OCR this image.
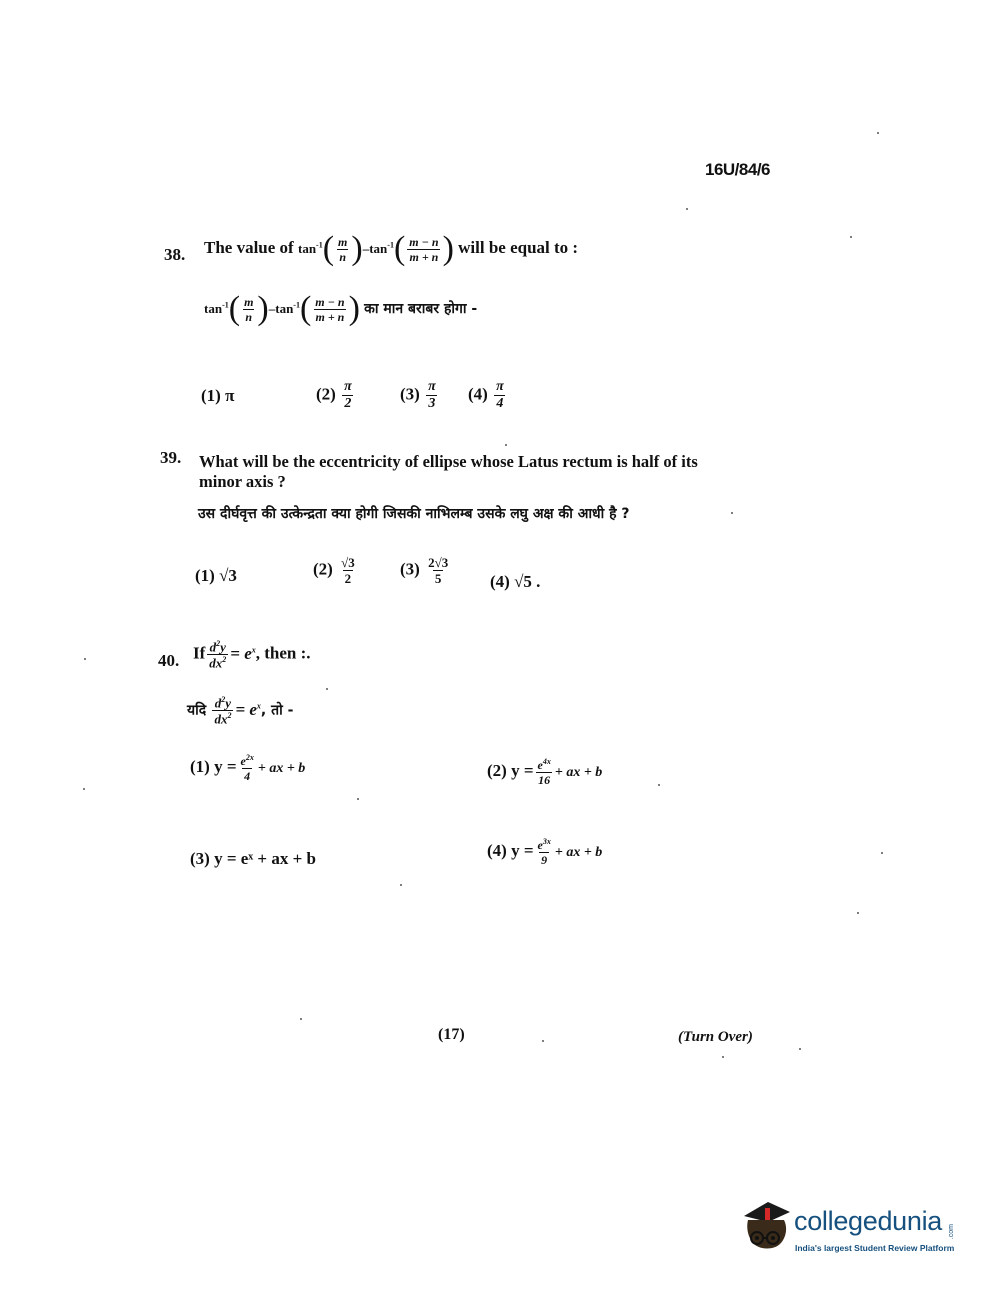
16U/84/6
38. The value of $\tan^{-1}( \frac{m}{n} )-\tan^{-1}( \frac{m - n}{m + n}$ ) will be equal to :
$\tan^{-1}( \frac{m}{n} )-\tan^{-1}( \frac{m - n}{m + n}$ ) का मान बराबर होगा -
(1) π	$(2) \frac{\pi}{2}$	$(3) \frac{\pi}{3} (4) \frac{\pi}{4}$
39. What will be the eccentricity of ellipse whose Latus rectum is half of its
minor axis ?
उस दीर्घवृत्त की उत्केन्द्रता क्या होगी जिसकी नाभिलम्ब उसके लघु अक्ष की आधी है ?
(1) √3	$(2) \frac{√3}{2}$	$(3) \frac{2√3}{5} (4)$ √5 .
40. If $\frac{d^2y}{dx^2} = e^x$, then :.
यदि $\frac{d^2y}{dx^2} = e^x$, तो -
(1) $y = \frac{e^{2x}}{4}$ + ax + b	(2) $y = \frac{e^{4x}}{16}$ + ax + b
(3) y = eˣ + ax + b	(4) $y = \frac{e^{3x}}{9}$ + ax + b
(17)	(Turn Over)
collegedunia .com
India's largest Student Review Platform
